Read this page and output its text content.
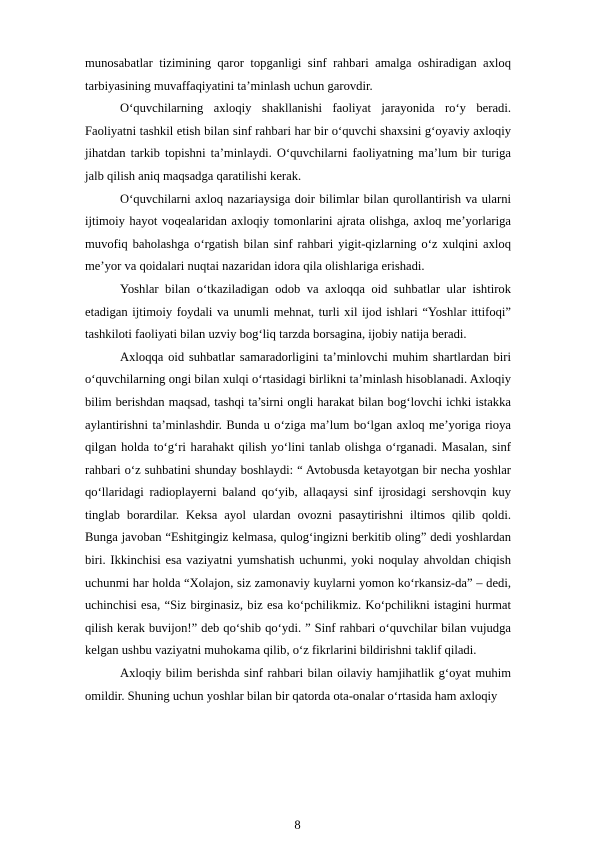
munosabatlar tizimining qaror topganligi sinf rahbari amalga oshiradigan axloq tarbiyasining muvaffaqiyatini ta’minlash uchun garovdir.

O‘quvchilarning axloqiy shakllanishi faoliyat jarayonida ro‘y beradi. Faoliyatni tashkil etish bilan sinf rahbari har bir o‘quvchi shaxsini g‘oyaviy axloqiy jihatdan tarkib topishni ta’minlaydi. O‘quvchilarni faoliyatning ma’lum bir turiga jalb qilish aniq maqsadga qaratilishi kerak.

O‘quvchilarni axloq nazariaysiga doir bilimlar bilan qurollantirish va ularni ijtimoiy hayot voqealaridan axloqiy tomonlarini ajrata olishga, axloq me’yorlariga muvofiq baholashga o‘rgatish bilan sinf rahbari yigit-qizlarning o‘z xulqini axloq me’yor va qoidalari nuqtai nazaridan idora qila olishlariga erishadi.

Yoshlar bilan o‘tkaziladigan odob va axloqqa oid suhbatlar ular ishtirok etadigan ijtimoiy foydali va unumli mehnat, turli xil ijod ishlari “Yoshlar ittifoqi” tashkiloti faoliyati bilan uzviy bog‘liq tarzda borsagina, ijobiy natija beradi.

Axloqqa oid suhbatlar samaradorligini ta’minlovchi muhim shartlardan biri o‘quvchilarning ongi bilan xulqi o‘rtasidagi birlikni ta’minlash hisoblanadi. Axloqiy bilim berishdan maqsad, tashqi ta’sirni ongli harakat bilan bog‘lovchi ichki istakka aylantirishni ta’minlashdir. Bunda u o‘ziga ma’lum bo‘lgan axloq me’yoriga rioya qilgan holda to‘g‘ri harahakt qilish yo‘lini tanlab olishga o‘rganadi. Masalan, sinf rahbari o‘z suhbatini shunday boshlaydi: “ Avtobusda ketayotgan bir necha yoshlar qo‘llaridagi radioplayerni baland qo‘yib, allaqaysi sinf ijrosidagi sershovqin kuy tinglab borardilar. Keksa ayol ulardan ovozni pasaytirishni iltimos qilib qoldi. Bunga javoban “Eshitgingiz kelmasa, qulog‘ingizni berkitib oling” dedi yoshlardan biri. Ikkinchisi esa vaziyatni yumshatish uchunmi, yoki noqulay ahvoldan chiqish uchunmi har holda “Xolajon, siz zamonaviy kuylarni yomon ko‘rkansiz-da” – dedi, uchinchisi esa, “Siz birginasiz, biz esa ko‘pchilikmiz. Ko‘pchilikni istagini hurmat qilish kerak buvijon!” deb qo‘shib qo‘ydi. ” Sinf rahbari o‘quvchilar bilan vujudga kelgan ushbu vaziyatni muhokama qilib, o‘z fikrlarini bildirishni taklif qiladi.

Axloqiy bilim berishda sinf rahbari bilan oilaviy hamjihatlik g‘oyat muhim omildir. Shuning uchun yoshlar bilan bir qatorda ota-onalar o‘rtasida ham axloqiy

8
